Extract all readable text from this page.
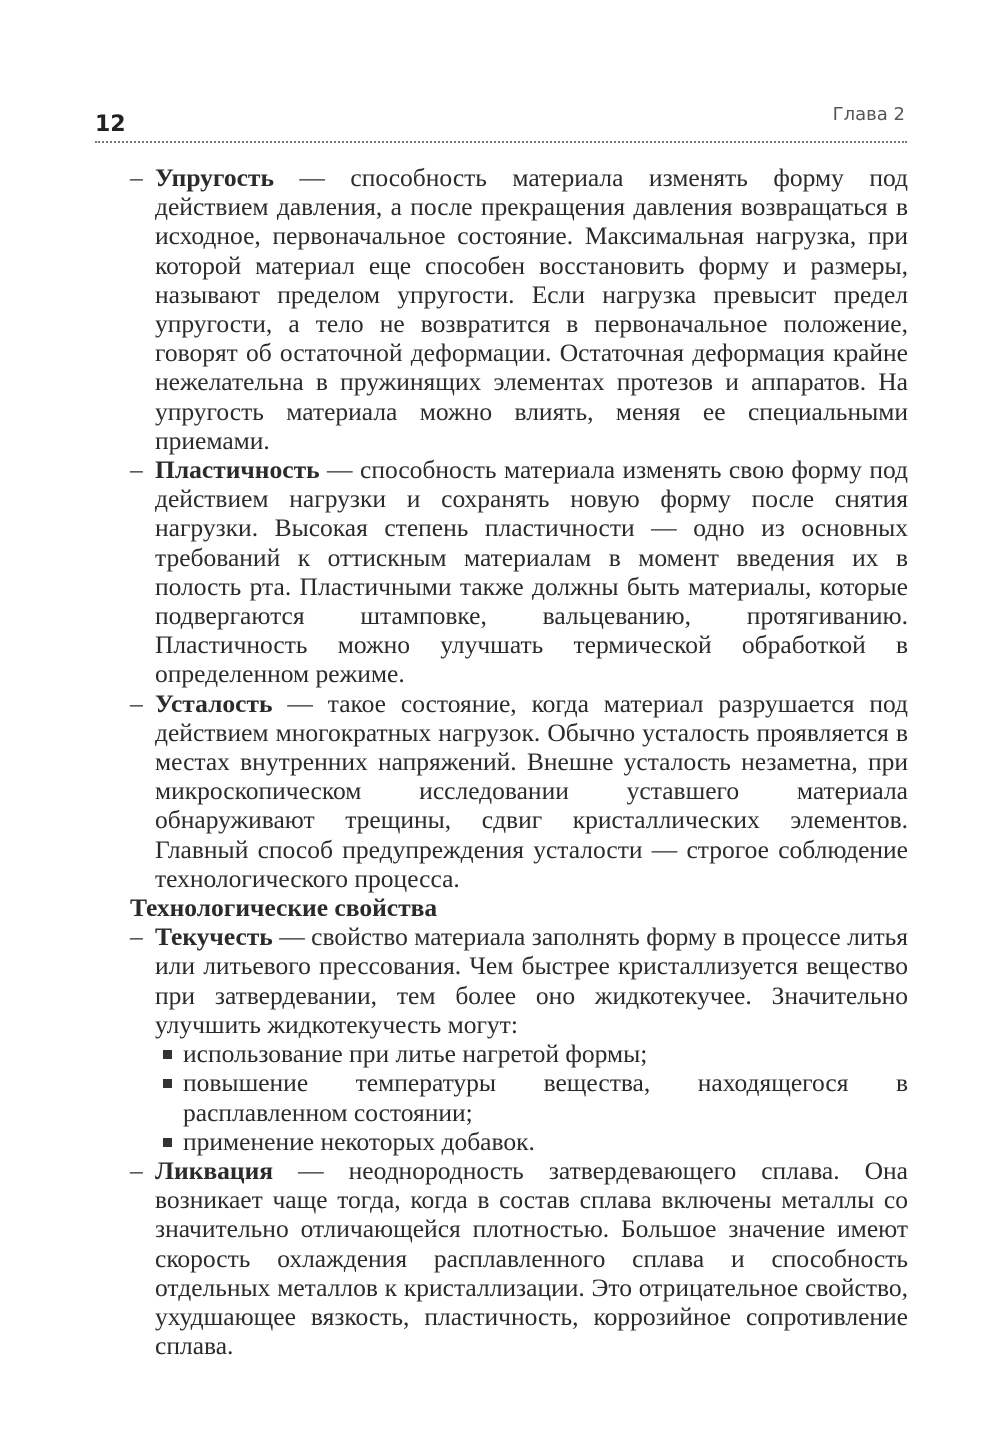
12	Глава 2

– Упругость — способность материала изменять форму под действием давления, а после прекращения давления возвращаться в исходное, первоначальное состояние. Максимальная нагрузка, при которой материал еще способен восстановить форму и размеры, называют пределом упругости. Если нагрузка превысит предел упругости, а тело не возвратится в первоначальное положение, говорят об остаточной деформации. Остаточная деформация крайне нежелательна в пружинящих элементах протезов и аппаратов. На упругость материала можно влиять, меняя ее специальными приемами.

– Пластичность — способность материала изменять свою форму под действием нагрузки и сохранять новую форму после снятия нагрузки. Высокая степень пластичности — одно из основных требований к оттискным материалам в момент введения их в полость рта. Пластичными также должны быть материалы, которые подвергаются штамповке, вальцеванию, протягиванию. Пластичность можно улучшать термической обработкой в определенном режиме.

– Усталость — такое состояние, когда материал разрушается под действием многократных нагрузок. Обычно усталость проявляется в местах внутренних напряжений. Внешне усталость незаметна, при микроскопическом исследовании уставшего материала обнаруживают трещины, сдвиг кристаллических элементов. Главный способ предупреждения усталости — строгое соблюдение технологического процесса.

Технологические свойства

– Текучесть — свойство материала заполнять форму в процессе литья или литьевого прессования. Чем быстрее кристаллизуется вещество при затвердевании, тем более оно жидкотекучее. Значительно улучшить жидкотекучесть могут:
использование при литье нагретой формы;
повышение температуры вещества, находящегося в расплавленном состоянии;
применение некоторых добавок.

– Ликвация — неоднородность затвердевающего сплава. Она возникает чаще тогда, когда в состав сплава включены металлы со значительно отличающейся плотностью. Большое значение имеют скорость охлаждения расплавленного сплава и способность отдельных металлов к кристаллизации. Это отрицательное свойство, ухудшающее вязкость, пластичность, коррозийное сопротивление сплава.
